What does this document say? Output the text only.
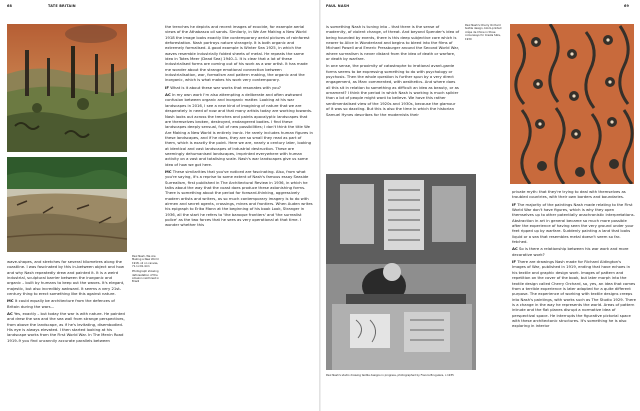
68	TATE BRITAIN

Paul Nash, We Are Making a New World 1918, oil on canvas, 71.1×91.4cm

Photograph showing deforestation of the Amazon rainforest in Brazil

wave-shapes, and stretches for several kilometres along the coastline. I was fascinated by this in-between object and how and why Nash repeatedly drew and painted it. It is a weird industrial, sculptural barrier between the inorganic and organic – built by humans to keep out the waves. It's elegant, majestic, but also incredibly awkward. It seems a very 21st-century thing to erect something like this against nature.

MC It could equally be architecture from the defences of Britain during the wars…

AC Yes, exactly – but today the war is with nature. He painted and drew the sea and the sea wall from strange perspectives, from above the landscape, as if he's levitating, disembodied. His eye is always elevated. I then started looking at his landscape works from the First World War. In The Menin Road 1919–9 you find uncannily accurate parallels between

the trenches he depicts and recent images of ecocide, for example aerial views of the Athabasca oil sands. Similarly, in We Are Making a New World 1918 the image looks exactly like contemporary aerial pictures of rainforest deforestation. Nash portrays nature strangely. It is both organic and extremely formalised. A good example is Winter Sea 1925, in which the waves resemble industrially folded sheets of metal. He repeats the same idea in Totes Meer (Dead Sea) 1940–1. It is clear that a lot of these industrialised forms are coming out of his work as a war artist. It has made me wonder about the strange emotional connection between industrialisation, war, formalism and pattern making, the organic and the inorganic, which is what makes his work very contemporary.

IF What is it about these war works that resonates with you?

AC In my own work I'm also attempting a deliberate and often awkward confusion between organic and inorganic matter. Looking at his war landscapes in 2016, I see a new kind of imagining of nature that we are desperately in need of now and that many artists today are working towards. Nash looks out across the trenches and paints apocalyptic landscapes that are themselves broken, destroyed, endangered bodies. I find these landscapes deeply sensual, full of new possibilities; I don't think the title We Are Making a New World is entirely ironic. He rarely includes human figures in these landscapes, and if he does, they are so small they read as part of them, which is exactly the point. Here we are, nearly a century later, looking at identical and vast landscapes of industrial destruction. These are seemingly dehumanised landscapes, imprinted everywhere with human activity on a vast and totalising scale. Nash's war landscapes give us some idea of how we got here.

MC These similarities that you've noticed are fascinating. Also, from what you're saying, it's a reprise to some extent of Nash's famous essay Seaside Surrealism, first published in The Architectural Review in 1936, in which he talks about the way that the coast does produce these astonishing forms. There is something about the period for forward-thinking, aggressively modern artists and writers, as so much contemporary imagery is to do with airmen and secret agents, crossings, mines and frontiers. When Auden writes his epigraph to Erika Mann at the beginning of his book Look, Stranger in 1936, all the start he refers to 'the baroque frontiers' and 'the surrealist police' as the two forces that he sees as very operational at that time. I wonder whether this

PAUL NASH	69

is something Nash is tuning into – that there is the sense of modernity, of violent change, of threat. And beyond Spender's idea of being hounded by events, there is this deep subjective core which is nearer to Alice in Wonderland and begins to bleed into the films of Michael Powell and Emeric Pressburger around the Second World War, where surrealism is never distant from the idea of death or warfare, or death by warfare.

In one sense, the proximity of catastrophe to irrational avant-garde forms seems to be expressing something to do with psychology or psychosis. Then the whole question is further spun by a very direct engagement, as Marc commented, with aesthetics. And where does all this sit in relation to something as difficult an idea as beauty, or as ornament? I think the period in which Nash is working is much spikier than a lot of people might want to believe. We have this rather sentimentalised view of the 1920s and 1930s, because the glamour of it was so dazzling. But this is also the time in which the historian Samuel Hynes describes for the modernists their

Paul Nash's Cherry Orchard textile design, block-printed crêpe de Chine in three colourways for Cresta Silks, 1930
Paul Nash's studio drawing textile designs in progress, photographed by Francis Bruguière, c.1935

private myth: that they're trying to deal with themselves as troubled countries, with their own borders and boundaries.

IF The majority of the paintings Nash made relating to the First World War don't have figures, which is why they open themselves up to other potentially anachronistic interpretations. Abstraction in art in general became so much more possible after the experience of having seen the very ground under your feet ripped up by warfare. Suddenly painting a land that looks liquid or a sea that resembles metal doesn't seem so far-fetched.

AC So is there a relationship between his war work and more decorative work?

IF There are drawings Nash made for Richard Aldington's Images of War, published in 1919, ending that have echoes in his textile and graphic design work. Images of pattern and repetition on the cover of the book, but later morph into the textile design called Cherry Orchard, so, yes, an idea that comes from a terrible experience is later adapted for a quite different purpose. The experience of working with textile designs creeps into Nash's paintings, with works such as The Studio 1929. There is a change in the way he represents the world. Areas of pattern intrude and the flat planes disrupt a normative idea of perspectival space. He interrupts the figurative pictorial space with these architectonic structures. It's something he is also exploring in interior
